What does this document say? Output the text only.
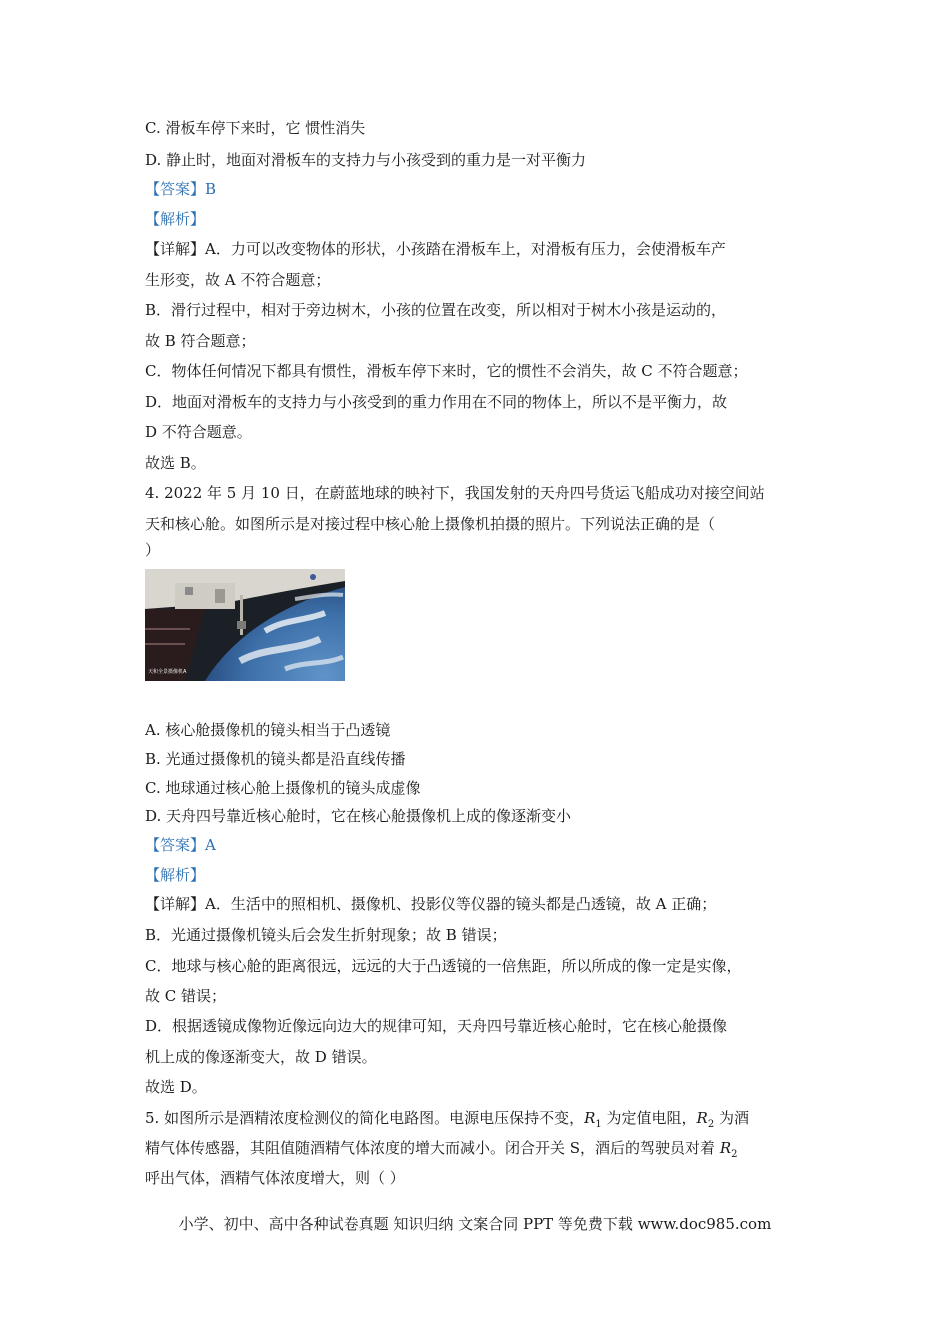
C. 滑板车停下来时，它 惯性消失
D. 静止时，地面对滑板车的支持力与小孩受到的重力是一对平衡力
【答案】B
【解析】
【详解】A．力可以改变物体的形状，小孩踏在滑板车上，对滑板有压力，会使滑板车产
生形变，故 A 不符合题意；
B．滑行过程中，相对于旁边树木，小孩的位置在改变，所以相对于树木小孩是运动的，
故 B 符合题意；
C．物体任何情况下都具有惯性，滑板车停下来时，它的惯性不会消失，故 C 不符合题意；
D．地面对滑板车的支持力与小孩受到的重力作用在不同的物体上，所以不是平衡力，故
D 不符合题意。
故选 B。
4. 2022 年 5 月 10 日，在蔚蓝地球的映衬下，我国发射的天舟四号货运飞船成功对接空间站
天和核心舱。如图所示是对接过程中核心舱上摄像机拍摄的照片。下列说法正确的是（
）
天和全景摄像机A
A. 核心舱摄像机的镜头相当于凸透镜
B. 光通过摄像机的镜头都是沿直线传播
C. 地球通过核心舱上摄像机的镜头成虚像
D. 天舟四号靠近核心舱时，它在核心舱摄像机上成的像逐渐变小
【答案】A
【解析】
【详解】A．生活中的照相机、摄像机、投影仪等仪器的镜头都是凸透镜，故 A 正确；
B．光通过摄像机镜头后会发生折射现象；故 B 错误；
C．地球与核心舱的距离很远，远远的大于凸透镜的一倍焦距，所以所成的像一定是实像，
故 C 错误；
D．根据透镜成像物近像远向边大的规律可知，天舟四号靠近核心舱时，它在核心舱摄像
机上成的像逐渐变大，故 D 错误。
故选 D。
5. 如图所示是酒精浓度检测仪的简化电路图。电源电压保持不变，$R_1$ 为定值电阻，$R_2$ 为酒
精气体传感器，其阻值随酒精气体浓度的增大而减小。闭合开关 S，酒后的驾驶员对着 $R_2$
呼出气体，酒精气体浓度增大，则（ ）
小学、初中、高中各种试卷真题 知识归纳 文案合同 PPT 等免费下载 www.doc985.com
